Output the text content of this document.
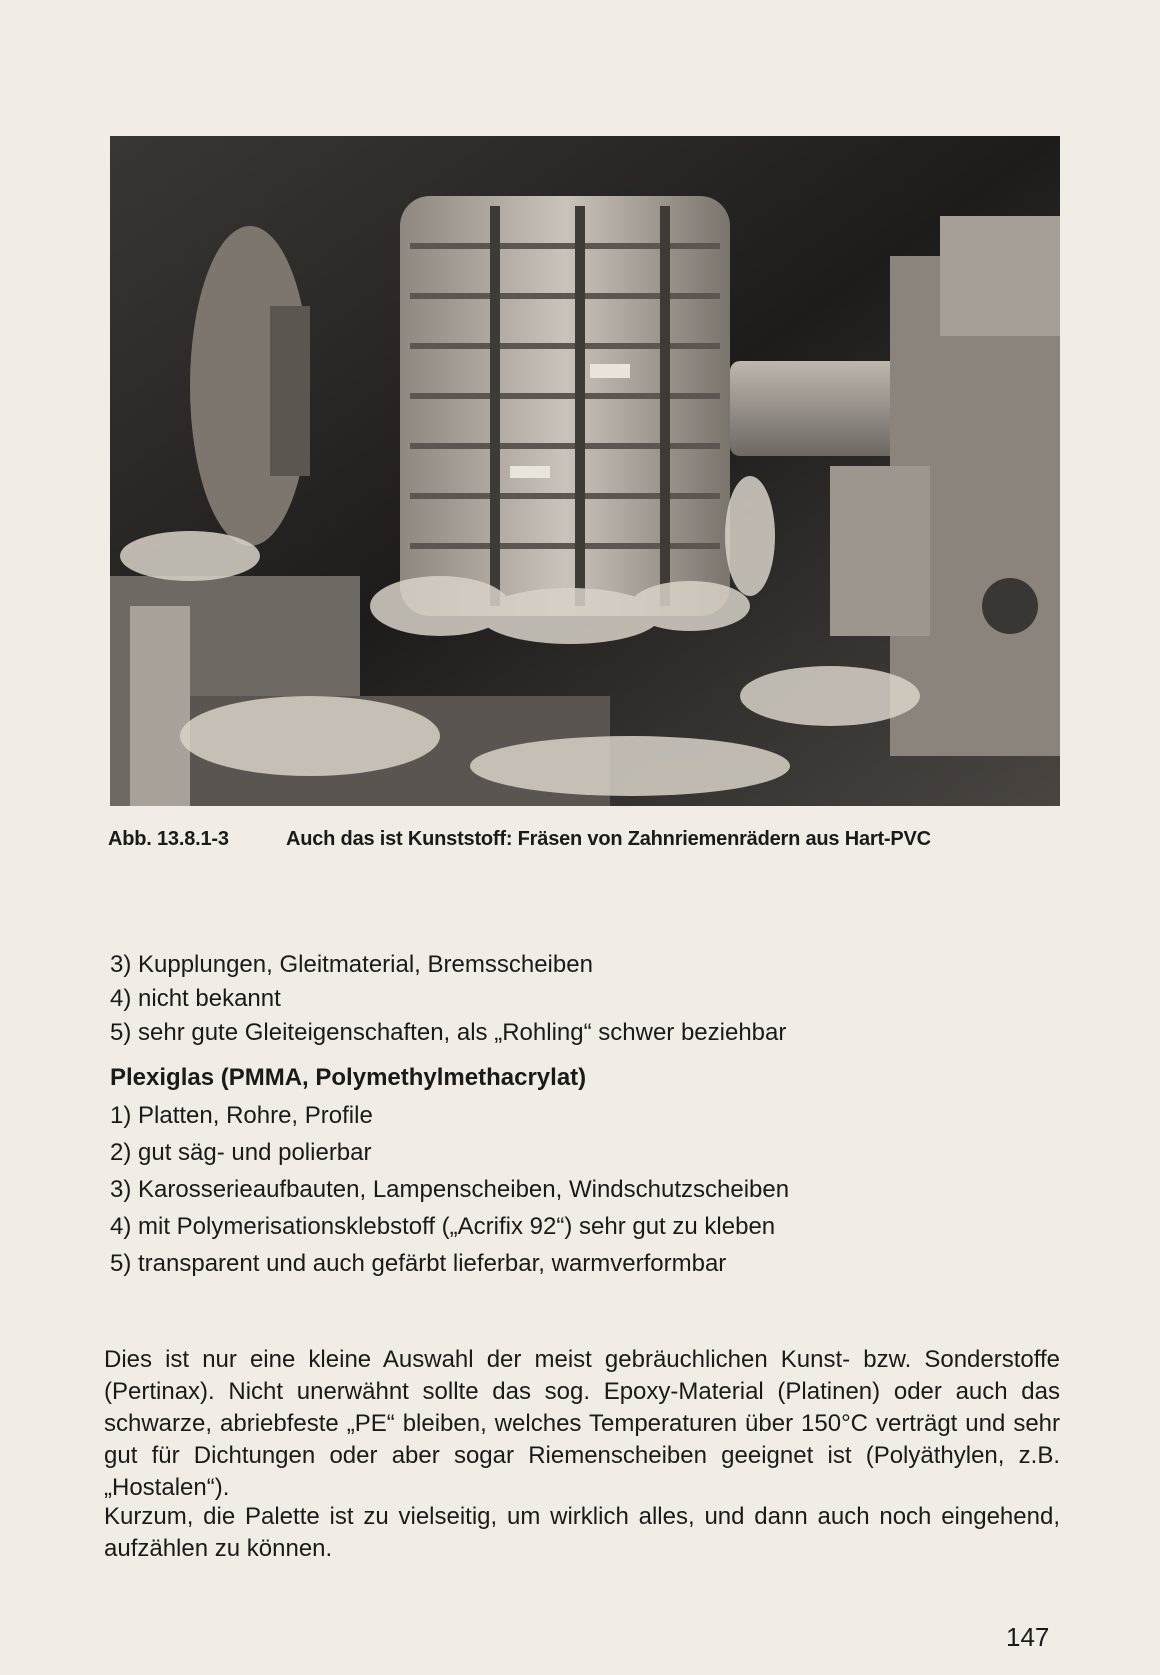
Abb. 13.8.1-3	Auch das ist Kunststoff: Fräsen von Zahnriemenrädern aus Hart-PVC
3) Kupplungen, Gleitmaterial, Bremsscheiben
4) nicht bekannt
5) sehr gute Gleiteigenschaften, als „Rohling“ schwer beziehbar
Plexiglas (PMMA, Polymethylmethacrylat)
1) Platten, Rohre, Profile
2) gut säg- und polierbar
3) Karosserieaufbauten, Lampenscheiben, Windschutzscheiben
4) mit Polymerisationsklebstoff („Acrifix 92“) sehr gut zu kleben
5) transparent und auch gefärbt lieferbar, warmverformbar
Dies ist nur eine kleine Auswahl der meist gebräuchlichen Kunst- bzw. Sonderstoffe (Pertinax). Nicht unerwähnt sollte das sog. Epoxy-Material (Platinen) oder auch das schwarze, abriebfeste „PE“ bleiben, welches Temperaturen über 150°C verträgt und sehr gut für Dichtungen oder aber sogar Riemenscheiben geeignet ist (Polyäthylen, z.B. „Hostalen“).
Kurzum, die Palette ist zu vielseitig, um wirklich alles, und dann auch noch eingehend, aufzählen zu können.
147
